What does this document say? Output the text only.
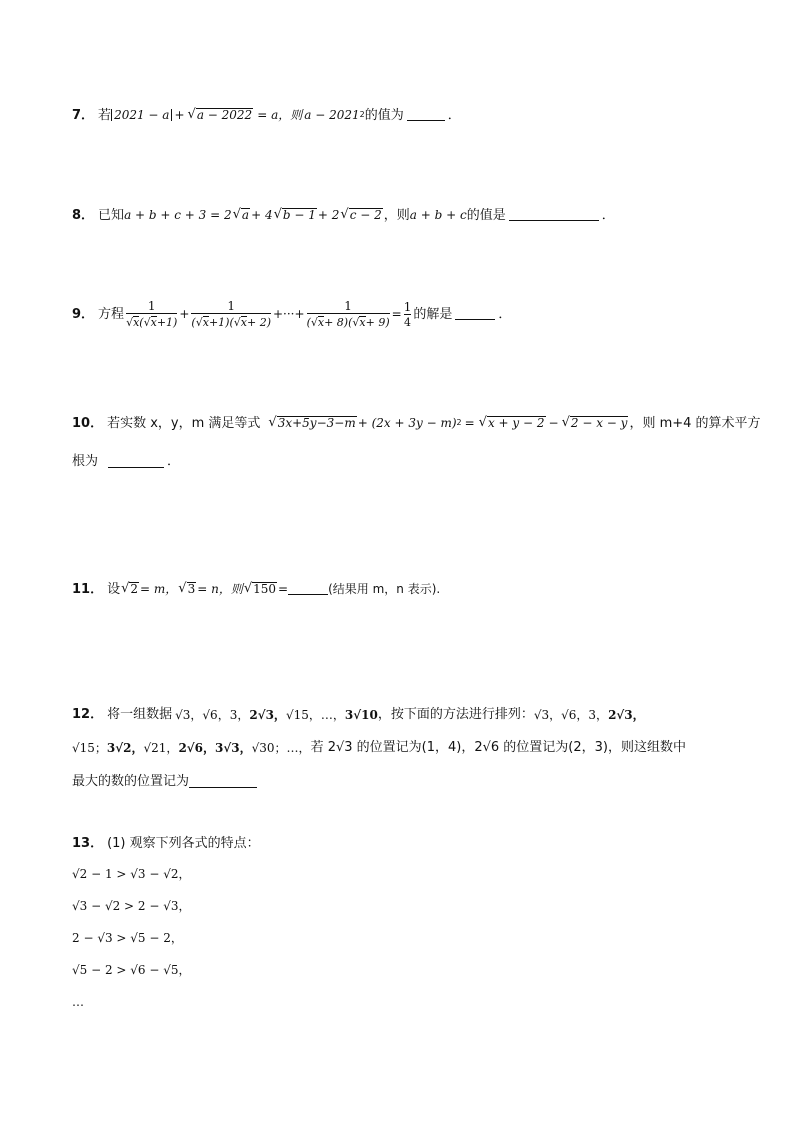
7． 若 2021 − a + √ a − 2022 = a，则 a − 2021 2 的值为	．
8． 已知 a + b + c + 3 = 2 √ a + 4 √ b − 1 + 2 √ c − 2 ，则 a + b + c 的值是	．
9． 方程 $\frac{1}{√ x (√ x +1)} + \frac{1}{(√ x +1)( √ x + 2)}$ +···+ $\frac{1}{(√ x + 8)( √ x + 9)} = \frac{1}{4}$ 的解是	．
10． 若实数 x，y，m 满足等式 √ 3x+5y−3−m + (2x + 3y − m) 2 = √ x + y − 2 − √ 2 − x − y ，则 m+4 的算术平方
根为	．
11． 设 √ 2 = m， √ 3 = n，则 √ 150 =	(结果用 m，n 表示).
12． 将一组数据 √3， √6， 3， 2√3， √15， …， 3√10 ，按下面的方法进行排列： √3， √6， 3， 2√3，
√15； 3√2， √21， 2√6， 3√3， √30； …， 若 2√3 的位置记为(1，4)，2√6 的位置记为(2，3)，则这组数中
最大的数的位置记为
13． (1) 观察下列各式的特点：
√2 − 1 > √3 − √2，
√3 − √2 > 2 − √3，
2 − √3 > √5 − 2，
√5 − 2 > √6 − √5，
…
